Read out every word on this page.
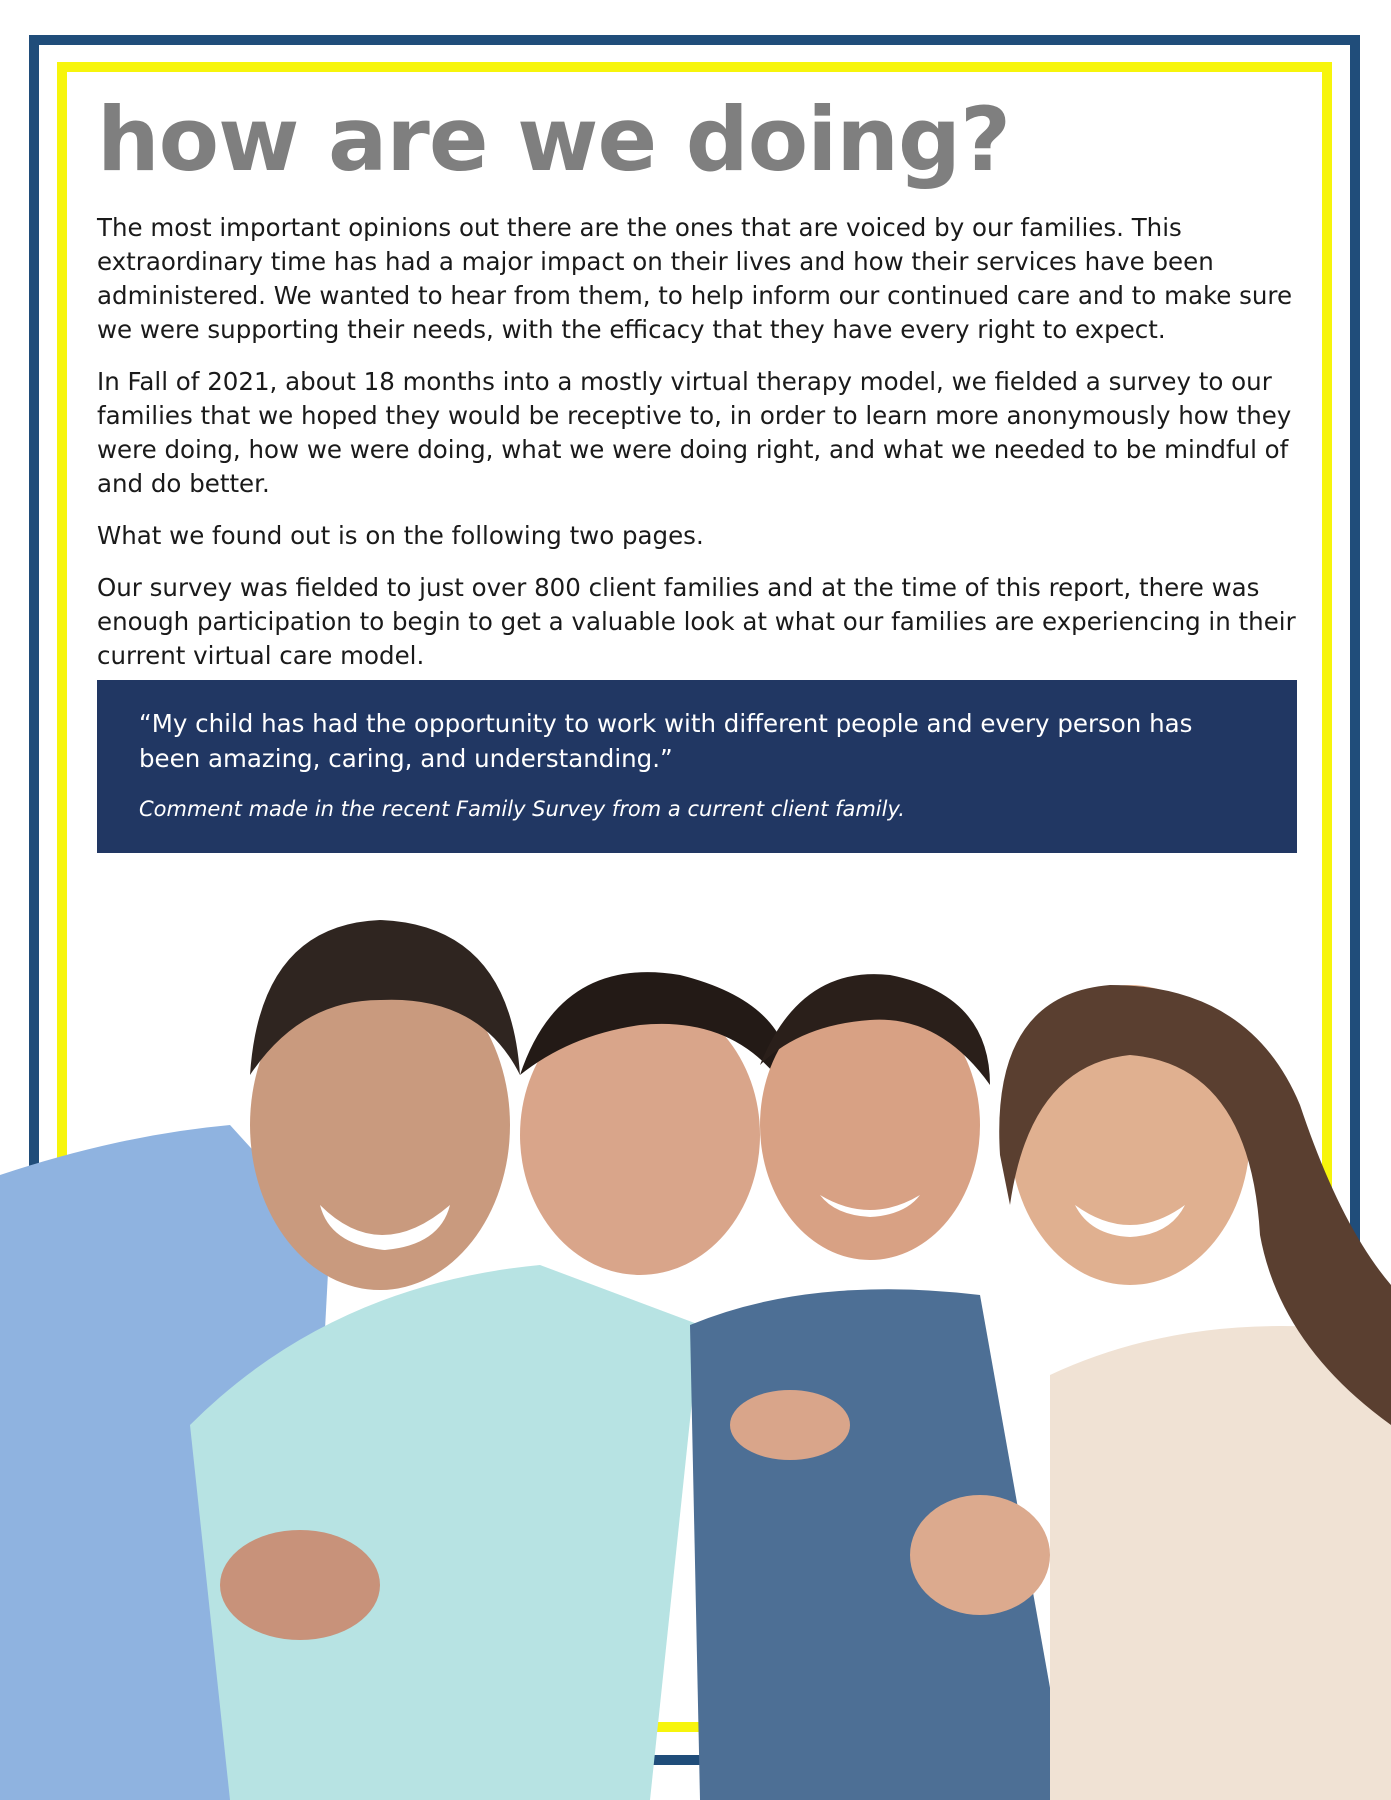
how are we doing?

The most important opinions out there are the ones that are voiced by our families. This extraordinary time has had a major impact on their lives and how their services have been administered. We wanted to hear from them, to help inform our continued care and to make sure we were supporting their needs, with the efficacy that they have every right to expect.

In Fall of 2021, about 18 months into a mostly virtual therapy model, we fielded a survey to our families that we hoped they would be receptive to, in order to learn more anonymously how they were doing, how we were doing, what we were doing right, and what we needed to be mindful of and do better.

What we found out is on the following two pages.

Our survey was fielded to just over 800 client families and at the time of this report, there was enough participation to begin to get a valuable look at what our families are experiencing in their current virtual care model.

“My child has had the opportunity to work with different people and every person has been amazing, caring, and understanding.”

Comment made in the recent Family Survey from a current client family.
